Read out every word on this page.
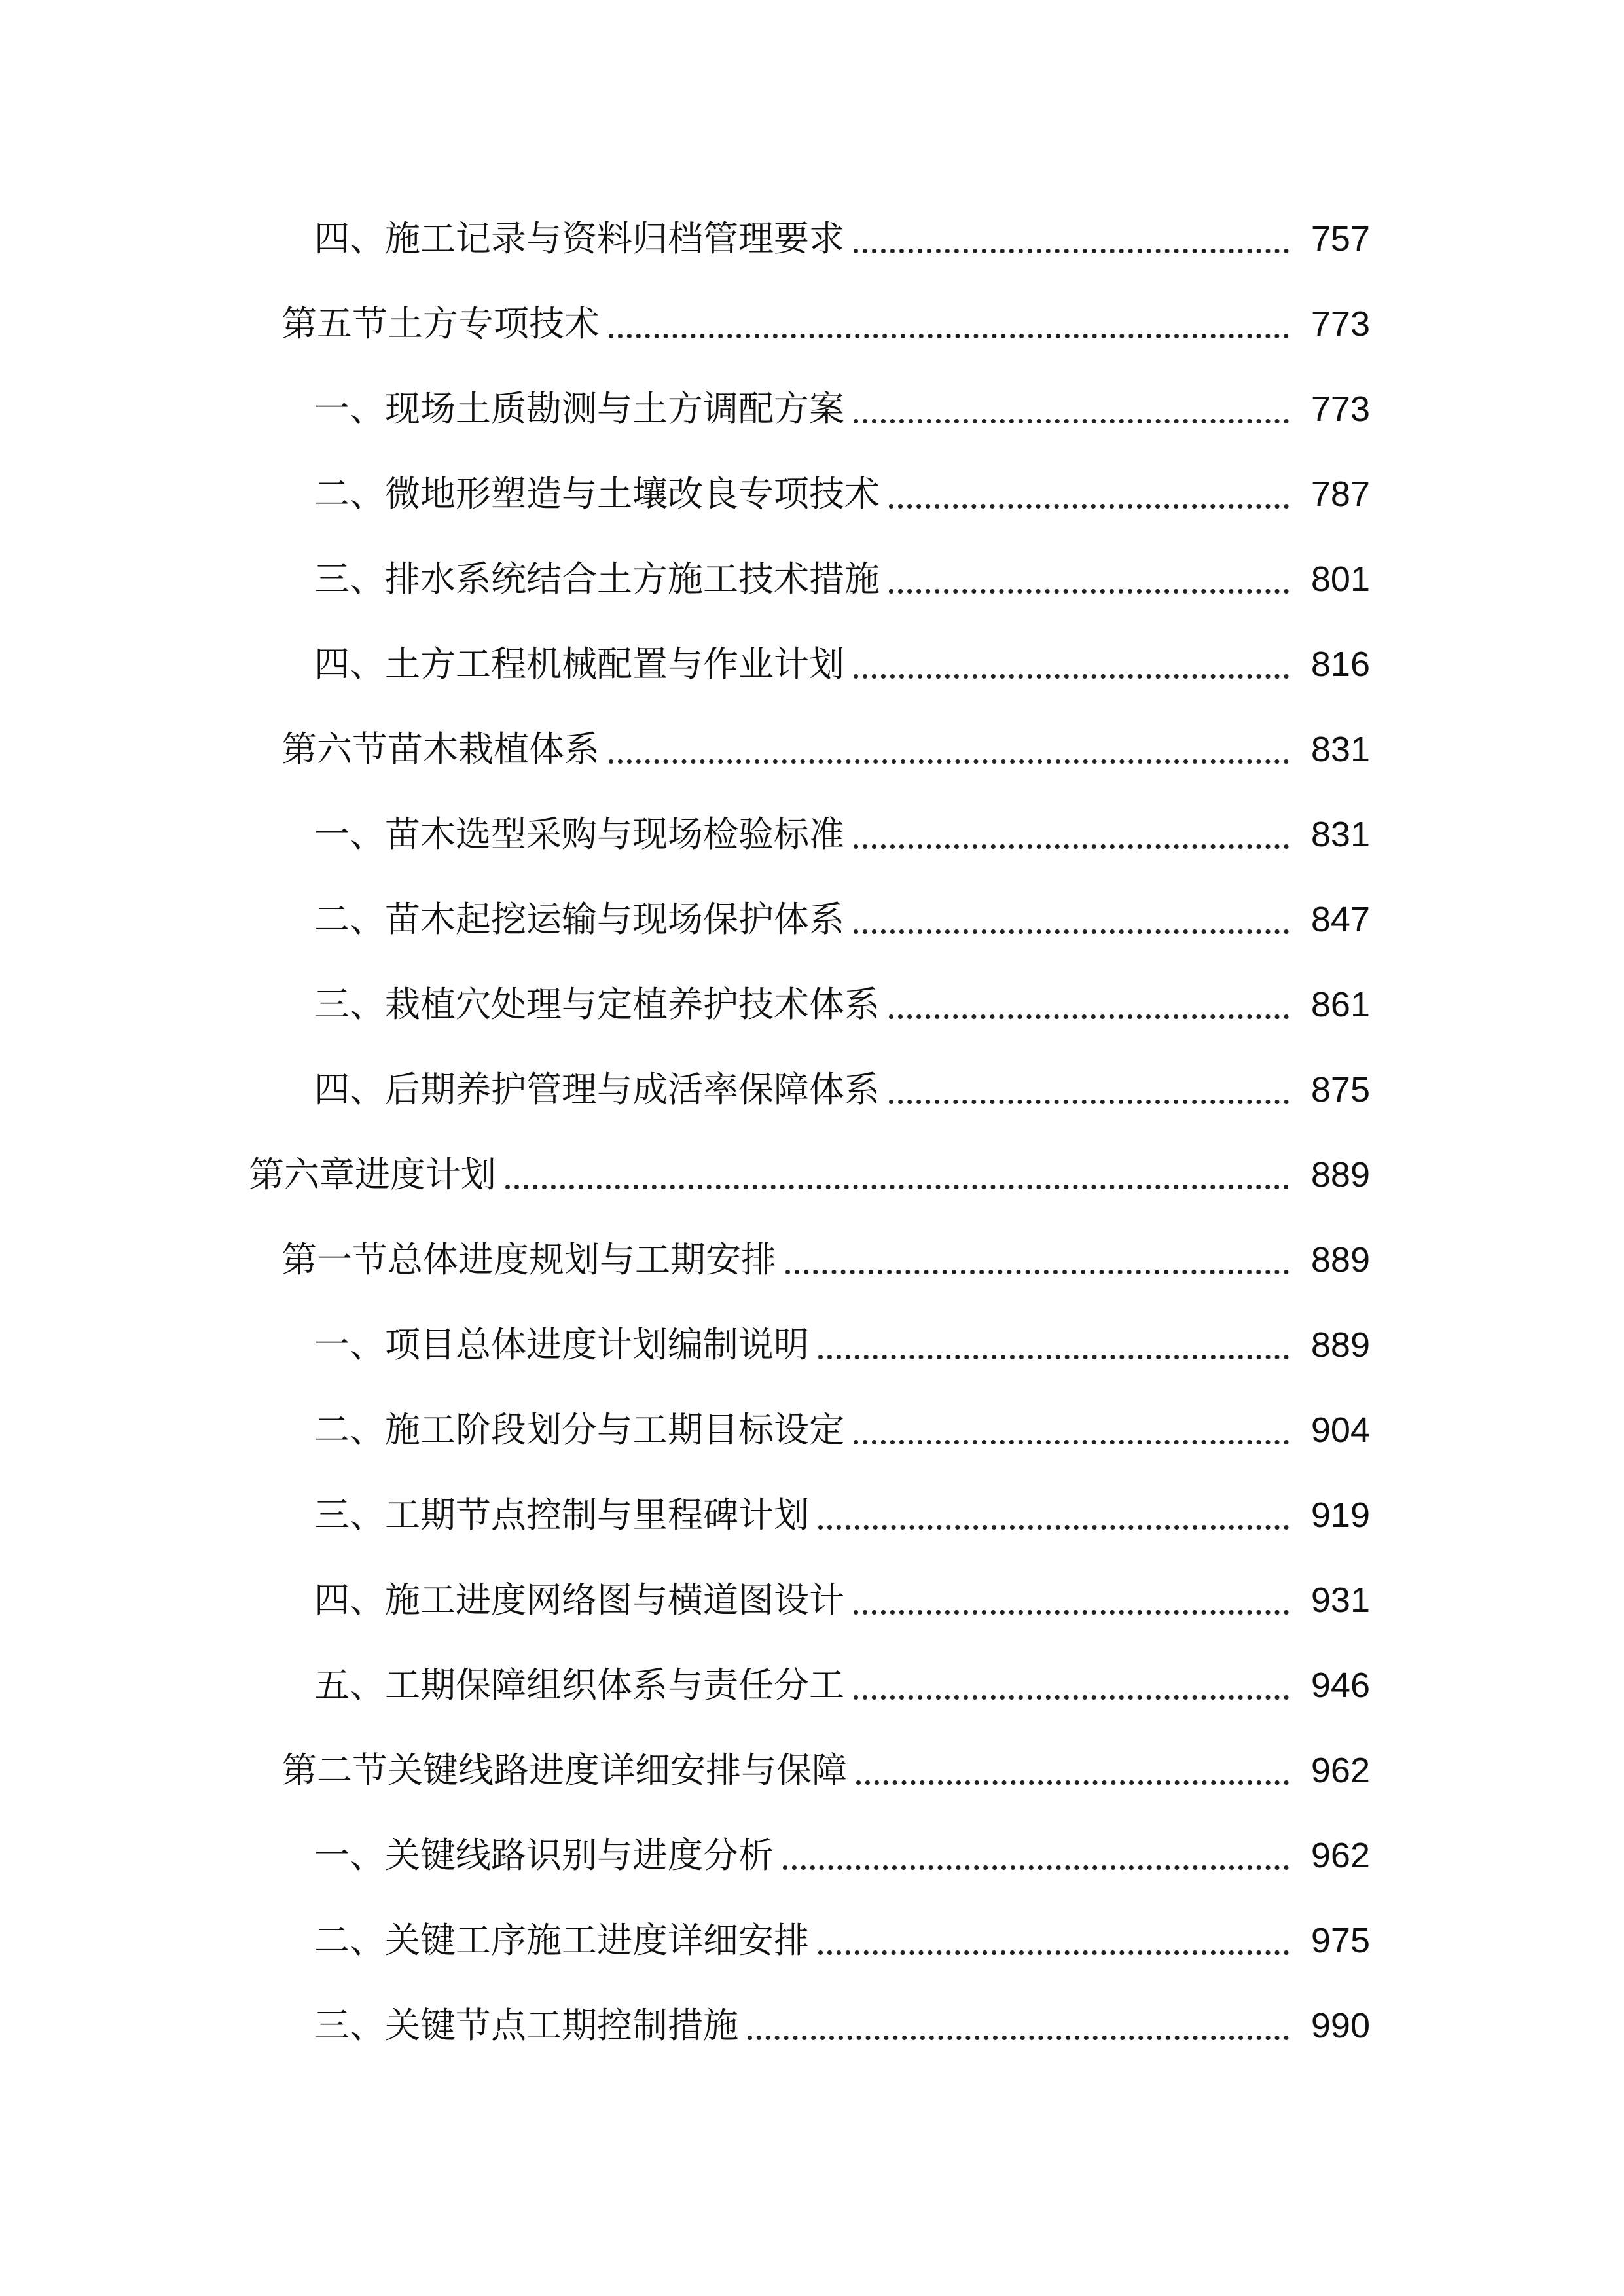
四、施工记录与资料归档管理要求	757
第五节土方专项技术	773
一、现场土质勘测与土方调配方案	773
二、微地形塑造与土壤改良专项技术	787
三、排水系统结合土方施工技术措施	801
四、土方工程机械配置与作业计划	816
第六节苗木栽植体系	831
一、苗木选型采购与现场检验标准	831
二、苗木起挖运输与现场保护体系	847
三、栽植穴处理与定植养护技术体系	861
四、后期养护管理与成活率保障体系	875
第六章进度计划	889
第一节总体进度规划与工期安排	889
一、项目总体进度计划编制说明	889
二、施工阶段划分与工期目标设定	904
三、工期节点控制与里程碑计划	919
四、施工进度网络图与横道图设计	931
五、工期保障组织体系与责任分工	946
第二节关键线路进度详细安排与保障	962
一、关键线路识别与进度分析	962
二、关键工序施工进度详细安排	975
三、关键节点工期控制措施	990
